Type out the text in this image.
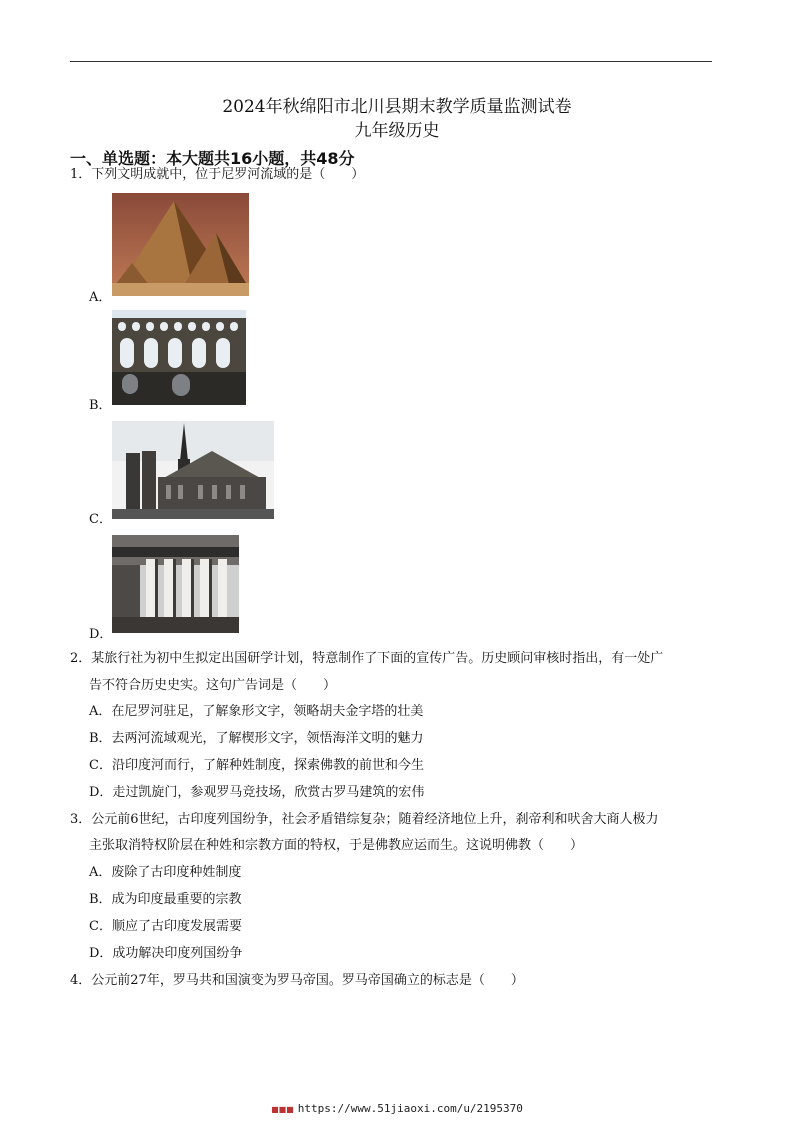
2024年秋绵阳市北川县期末教学质量监测试卷
九年级历史
一、单选题：本大题共16小题，共48分
1．下列文明成就中，位于尼罗河流域的是（　　）
A．
B．
C．
D．
2．某旅行社为初中生拟定出国研学计划，特意制作了下面的宣传广告。历史顾问审核时指出，有一处广
告不符合历史史实。这句广告词是（　　）
A．在尼罗河驻足，了解象形文字，领略胡夫金字塔的壮美
B．去两河流域观光，了解楔形文字，领悟海洋文明的魅力
C．沿印度河而行，了解种姓制度，探索佛教的前世和今生
D．走过凯旋门，参观罗马竞技场，欣赏古罗马建筑的宏伟
3．公元前6世纪，古印度列国纷争，社会矛盾错综复杂；随着经济地位上升，刹帝利和吠舍大商人极力
主张取消特权阶层在种姓和宗教方面的特权，于是佛教应运而生。这说明佛教（　　）
A．废除了古印度种姓制度
B．成为印度最重要的宗教
C．顺应了古印度发展需要
D．成功解决印度列国纷争
4．公元前27年，罗马共和国演变为罗马帝国。罗马帝国确立的标志是（　　）
■■■ https://www.51jiaoxi.com/u/2195370
